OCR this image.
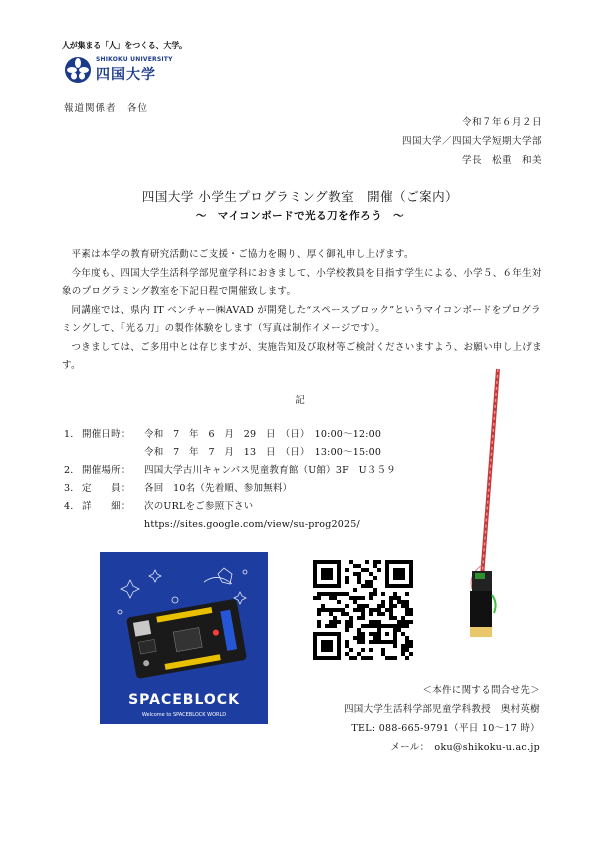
人が集まる「人」をつくる、大学。
SHIKOKU UNIVERSITY
四国大学
報道関係者　各位
令和７年６月２日
四国大学／四国大学短期大学部
学長　松重　和美
四国大学 小学生プログラミング教室　開催（ご案内）
～　マイコンボードで光る刀を作ろう　～

平素は本学の教育研究活動にご支援・ご協力を賜り、厚く御礼申し上げます。

今年度も、四国大学生活科学部児童学科におきまして、小学校教員を目指す学生による、小学５、６年生対象のプログラミング教室を下記日程で開催致します。

同講座では、県内 IT ベンチャー㈱AVAD が開発した“スペースブロック”というマイコンボードをプログラミングして、「光る刀」の製作体験をします（写真は制作イメージです）。

つきましては、ご多用中とは存じますが、実施告知及び取材等ご検討くださいますよう、お願い申し上げます。

記
1. 開催日時： 令和　7　年　6　月　29　日　（日）　10:00～12:00
令和　7　年　7　月　13　日　（日）　13:00～15:00
2. 開催場所： 四国大学古川キャンパス児童教育館（U館）3F　U３５９
3. 定　　員： 各回　10名（先着順、参加無料）
4. 詳　　細： 次のURLをご参照下さい
https://sites.google.com/view/su-prog2025/
SPACEBLOCK
Welcome to SPACEBLOCK WORLD
＜本件に関する問合せ先＞
四国大学生活科学部児童学科教授　奥村英樹
TEL: 088-665-9791（平日 10～17 時）
メール：　oku@shikoku-u.ac.jp
